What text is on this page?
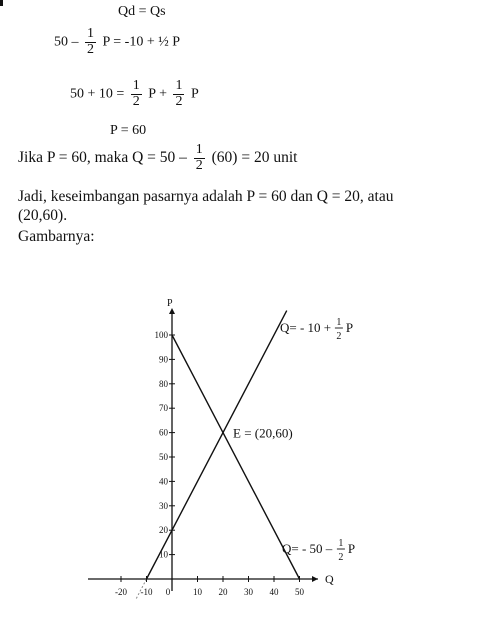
Qd = Qs
$50 - \frac{1}{2}$ P = -10 + ½ P
$50 + 10 = \frac{1}{2}$ $P + \frac{1}{2}$ P
P = 60
Jika P = 60, maka $Q = 50 - \frac{1}{2} (60) = 20$ unit
Jadi, keseimbangan pasarnya adalah P = 60 dan Q = 20, atau
(20,60).
Gambarnya:
P
Q
10
20
30
40
50
60
70
80
90
100
-20 -10 0	10 20 30 40 50
Q= - 10 + 1
2
P
Q= - 50 – 1
2
P
E = (20,60)
